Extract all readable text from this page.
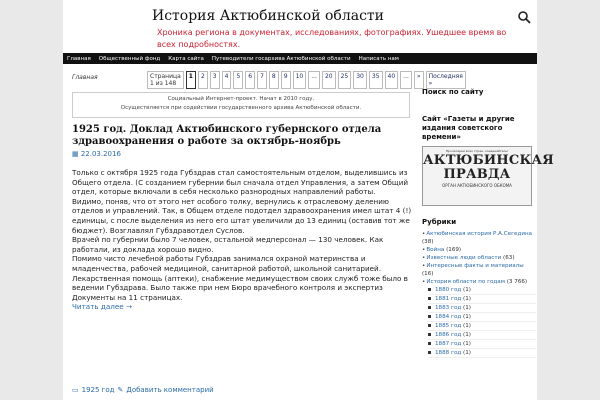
История Актюбинской области
Хроника региона в документах, исследованиях, фотографиях. Ушедшее время во всех подробностях.
Главная	Общественный фонд	Карта сайта	Путеводители госархива Актюбинской области	Написать нам
Главная	Страница 1 из 148
1	2	3	4	5	6	7	8	9	10	...	20	25	30	35	40	...	»	Последняя »
Социальный Интернет-проект. Начат в 2010 году.
Осуществляется при содействии государственного архива Актюбинской области.
1925 год. Доклад Актюбинского губернского отдела здравоохранения о работе за октябрь-ноябрь
▦ 22.03.2016

Только с октября 1925 года Губздрав стал самостоятельным отделом, выделившись из Общего отдела. (С созданием губернии был сначала отдел Управления, а затем Общий отдел, которые включали в себя несколько разнородных направлений работы.

Видимо, поняв, что от этого нет особого толку, вернулись к отраслевому делению отделов и управлений. Так, в Общем отделе подотдел здравоохранения имел штат 4 (!) единицы, с после выделения из него его штат увеличили до 13 единиц (оставив тот же бюджет). Возглавлял Губздравотдел Суслов.

Врачей по губернии было 7 человек, остальной медперсонал — 130 человек. Как работали, из доклада хорошо видно.

Помимо чисто лечебной работы Губздрав занимался охраной материнства и младенчества, рабочей медициной, санитарной работой, школьной санитарией. Лекарственная помощь (аптеки), снабжение медимуществом своих служб тоже было в ведении Губздрава. Было также при нем Бюро врачебного контроля и экспертиз

Документы на 11 страницах.

Читать далее →

▭ 1925 год ✎ Добавить комментарий
Поиск по сайту
Сайт «Газеты и другие издания советского времени»
Пролетарии всех стран, соединяйтесь!
АКТЮБИНСКАЯ
ПРАВДА
ОРГАН АКТЮБИНСКОГО ОБКОМА
Рубрики
•Актюбинская история Р.А.Сегедина (38)
•Война (169)
•Известные люди области (63)
•Интересные факты и материалы (16)
•История области по годам (3 766)
1880 год (1)
1881 год (1)
1883 год (1)
1884 год (1)
1885 год (1)
1886 год (1)
1887 год (1)
1888 год (1)
